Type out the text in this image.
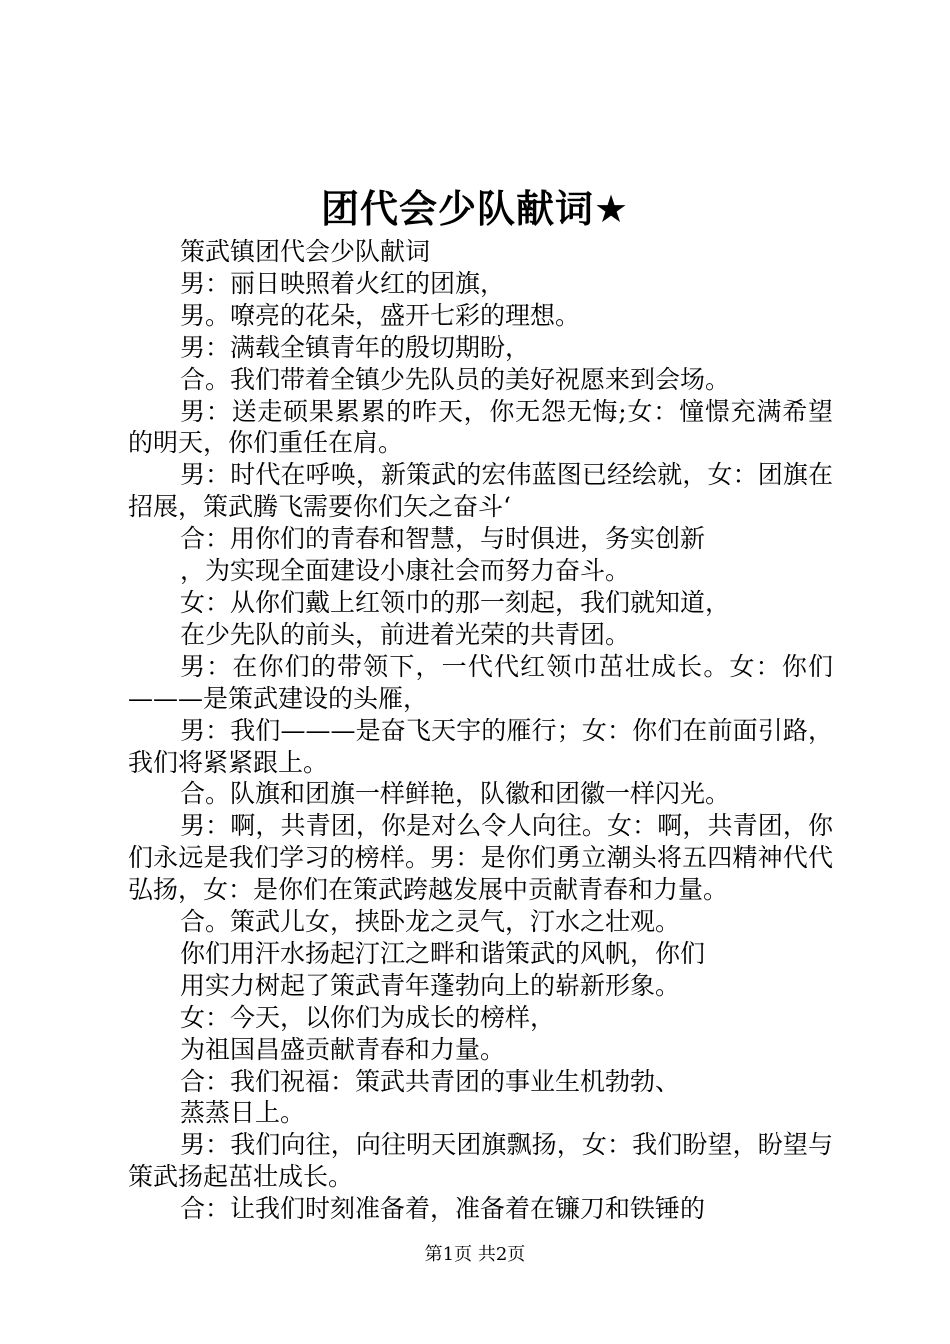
团代会少队献词★

策武镇团代会少队献词

男：丽日映照着火红的团旗，

男。嘹亮的花朵，盛开七彩的理想。

男：满载全镇青年的殷切期盼，

合。我们带着全镇少先队员的美好祝愿来到会场。

男：送走硕果累累的昨天，你无怨无悔;女：憧憬充满希望的明天，你们重任在肩。

男：时代在呼唤，新策武的宏伟蓝图已经绘就，女：团旗在招展，策武腾飞需要你们矢之奋斗‘

合：用你们的青春和智慧，与时俱进，务实创新

，为实现全面建设小康社会而努力奋斗。

女：从你们戴上红领巾的那一刻起，我们就知道，

在少先队的前头，前进着光荣的共青团。

男：在你们的带领下，一代代红领巾茁壮成长。女：你们———是策武建设的头雁，

男：我们———是奋飞天宇的雁行；女：你们在前面引路，我们将紧紧跟上。

合。队旗和团旗一样鲜艳，队徽和团徽一样闪光。

男：啊，共青团，你是对么令人向往。女：啊，共青团，你们永远是我们学习的榜样。男：是你们勇立潮头将五四精神代代弘扬，女：是你们在策武跨越发展中贡献青春和力量。

合。策武儿女，挟卧龙之灵气，汀水之壮观。

你们用汗水扬起汀江之畔和谐策武的风帆，你们

用实力树起了策武青年蓬勃向上的崭新形象。

女：今天，以你们为成长的榜样，

为祖国昌盛贡献青春和力量。

合：我们祝福：策武共青团的事业生机勃勃、

蒸蒸日上。

男：我们向往，向往明天团旗飘扬，女：我们盼望，盼望与策武扬起茁壮成长。

合：让我们时刻准备着，准备着在镰刀和铁锤的

第1页 共2页
